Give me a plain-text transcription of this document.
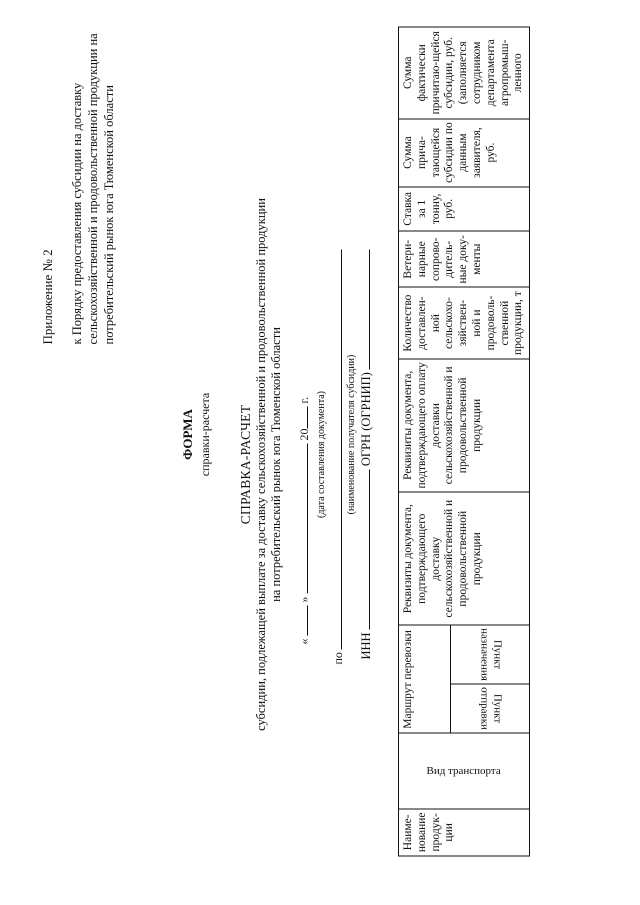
Приложение № 2 к Порядку предоставления субсидии на доставку сельскохозяйственной и продовольственной продукции на потребительский рынок юга Тюменской области
ФОРМА справки-расчета СПРАВКА-РАСЧЕТ субсидии, подлежащей выплате за доставку сельскохозяйственной и продовольственной продукции на потребительский рынок юга Тюменской области
«  »  20 г. (дата составления документа)
по
(наименование получателя субсидии)
ИНН  ОГРН (ОГРНИП)
Наиме-нование продук-ции	Вид транспорта	Маршрут перевозки		Реквизиты документа, подтверждающего доставку сельскохозяйственной и продовольственной продукции	Реквизиты документа, подтверждающего оплату доставки сельскохозяйственной и продовольственной продукции	Количество доставлен-ной сельскохо-зяйствен-ной и продоволь-ственной продукции, т	Ветери-нарные сопрово-дитель-ные доку-менты	Ставка за 1 тонну, руб.	Сумма прича-тающейся субсидии по данным заявителя, руб.	Сумма фактически причитаю-щейся субсидии, руб. (заполняется сотрудником департамента агропромыш-ленного
		Пункт отправки	Пункт назначения							
